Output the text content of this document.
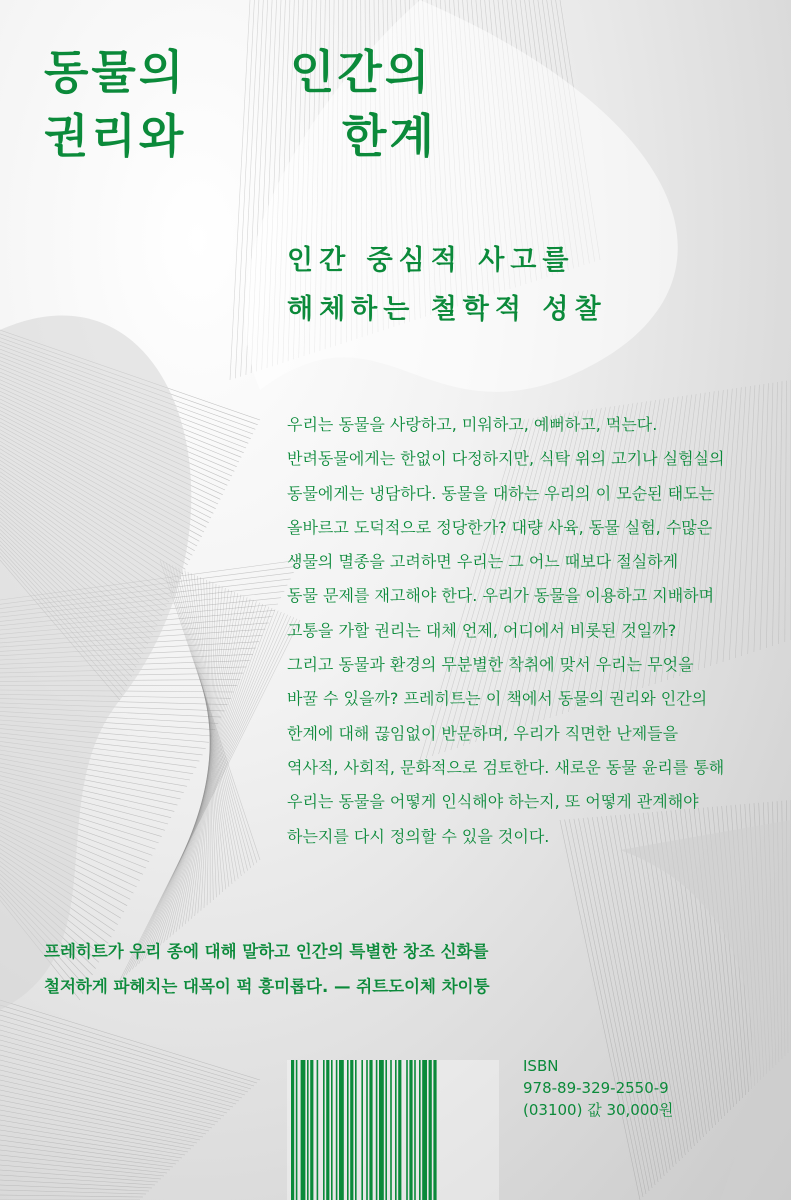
동물의
권리와
인간의
한계
인간 중심적 사고를
해체하는 철학적 성찰
우리는 동물을 사랑하고, 미워하고, 예뻐하고, 먹는다.
반려동물에게는 한없이 다정하지만, 식탁 위의 고기나 실험실의
동물에게는 냉담하다. 동물을 대하는 우리의 이 모순된 태도는
올바르고 도덕적으로 정당한가? 대량 사육, 동물 실험, 수많은
생물의 멸종을 고려하면 우리는 그 어느 때보다 절실하게
동물 문제를 재고해야 한다. 우리가 동물을 이용하고 지배하며
고통을 가할 권리는 대체 언제, 어디에서 비롯된 것일까?
그리고 동물과 환경의 무분별한 착취에 맞서 우리는 무엇을
바꿀 수 있을까? 프레히트는 이 책에서 동물의 권리와 인간의
한계에 대해 끊임없이 반문하며, 우리가 직면한 난제들을
역사적, 사회적, 문화적으로 검토한다. 새로운 동물 윤리를 통해
우리는 동물을 어떻게 인식해야 하는지, 또 어떻게 관계해야
하는지를 다시 정의할 수 있을 것이다.
프레히트가 우리 종에 대해 말하고 인간의 특별한 창조 신화를
철저하게 파헤치는 대목이 퍽 흥미롭다. — 쥐트도이체 차이퉁
ISBN
978-89-329-2550-9
(03100) 값 30,000원
